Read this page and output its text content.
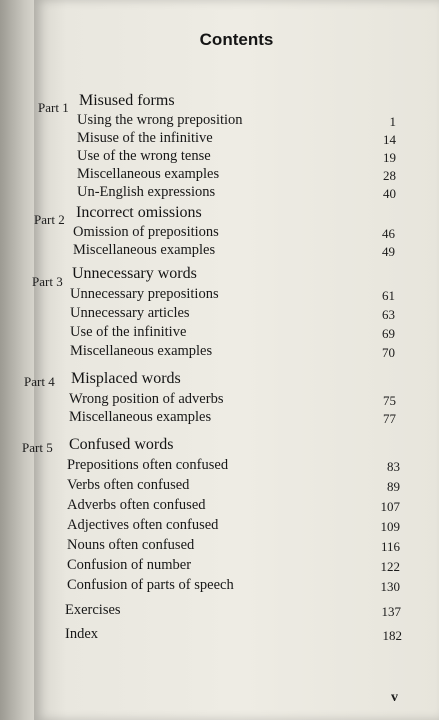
Contents
Part 1 Misused forms
Using the wrong preposition	1
Misuse of the infinitive	14
Use of the wrong tense	19
Miscellaneous examples	28
Un-English expressions	40
Part 2 Incorrect omissions
Omission of prepositions	46
Miscellaneous examples	49
Part 3 Unnecessary words
Unnecessary prepositions	61
Unnecessary articles	63
Use of the infinitive	69
Miscellaneous examples	70
Part 4 Misplaced words
Wrong position of adverbs	75
Miscellaneous examples	77
Part 5 Confused words
Prepositions often confused	83
Verbs often confused	89
Adverbs often confused	107
Adjectives often confused	109
Nouns often confused	116
Confusion of number	122
Confusion of parts of speech	130
Exercises	137
Index	182
v
